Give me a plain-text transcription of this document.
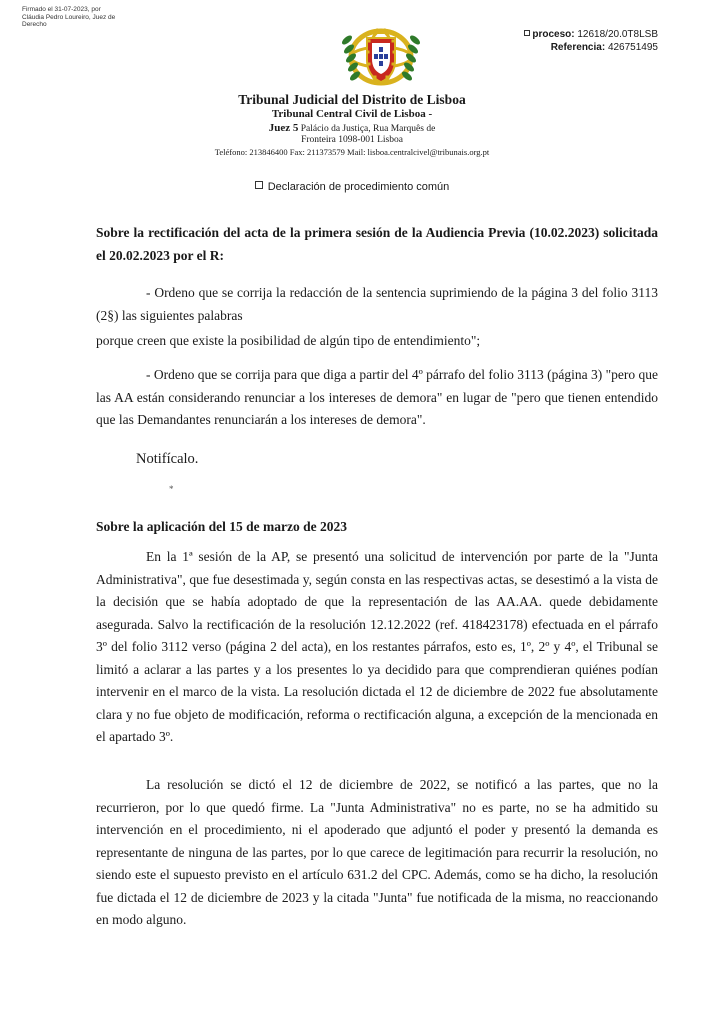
Firmado el 31-07-2023, por
Cláudia Pedro Loureiro, Juez de
Derecho
proceso: 12618/20.0T8LSB
Referencia: 426751495
Tribunal Judicial del Distrito de Lisboa
Tribunal Central Civil de Lisboa -
Juez 5 Palácio da Justiça, Rua Marquês de
Fronteira 1098-001 Lisboa
Teléfono: 213846400 Fax: 211373579 Mail: lisboa.centralcivel@tribunais.org.pt
Declaración de procedimiento común
Sobre la rectificación del acta de la primera sesión de la Audiencia Previa (10.02.2023) solicitada el 20.02.2023 por el R:
- Ordeno que se corrija la redacción de la sentencia suprimiendo de la página 3 del folio 3113 (2§) las siguientes palabras
porque creen que existe la posibilidad de algún tipo de entendimiento";
- Ordeno que se corrija para que diga a partir del 4º párrafo del folio 3113 (página 3) "pero que las AA están considerando renunciar a los intereses de demora" en lugar de "pero que tienen entendido que las Demandantes renunciarán a los intereses de demora".
Notifícalo.
*
Sobre la aplicación del 15 de marzo de 2023
En la 1ª sesión de la AP, se presentó una solicitud de intervención por parte de la "Junta Administrativa", que fue desestimada y, según consta en las respectivas actas, se desestimó a la vista de la decisión que se había adoptado de que la representación de las AA.AA. quede debidamente asegurada. Salvo la rectificación de la resolución 12.12.2022 (ref. 418423178) efectuada en el párrafo 3º del folio 3112 verso (página 2 del acta), en los restantes párrafos, esto es, 1º, 2º y 4º, el Tribunal se limitó a aclarar a las partes y a los presentes lo ya decidido para que comprendieran quiénes podían intervenir en el marco de la vista. La resolución dictada el 12 de diciembre de 2022 fue absolutamente clara y no fue objeto de modificación, reforma o rectificación alguna, a excepción de la mencionada en el apartado 3º.
La resolución se dictó el 12 de diciembre de 2022, se notificó a las partes, que no la recurrieron, por lo que quedó firme. La "Junta Administrativa" no es parte, no se ha admitido su intervención en el procedimiento, ni el apoderado que adjuntó el poder y presentó la demanda es representante de ninguna de las partes, por lo que carece de legitimación para recurrir la resolución, no siendo este el supuesto previsto en el artículo 631.2 del CPC. Además, como se ha dicho, la resolución fue dictada el 12 de diciembre de 2023 y la citada "Junta" fue notificada de la misma, no reaccionando en modo alguno.
